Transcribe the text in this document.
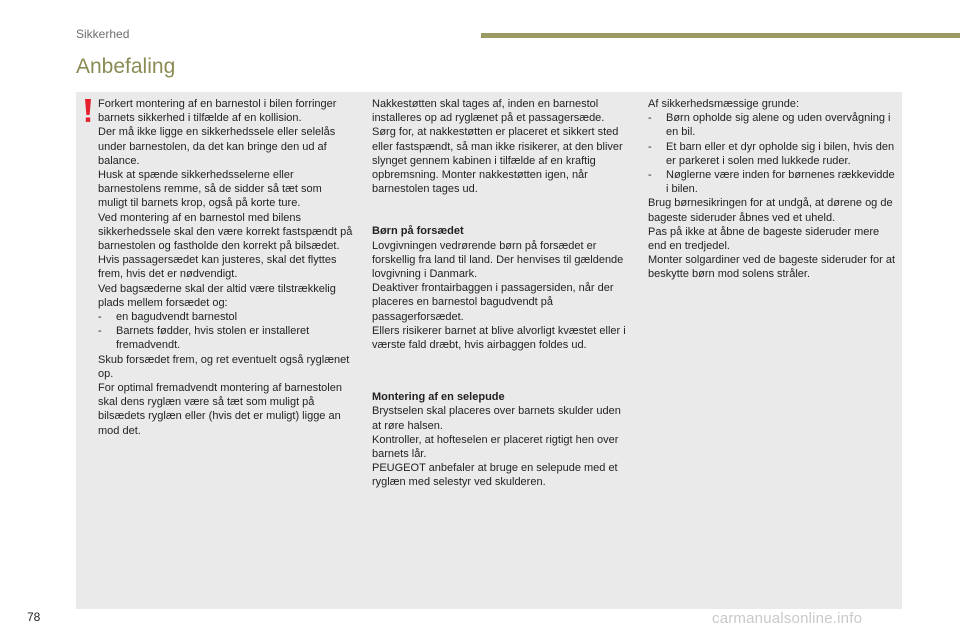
Sikkerhed
Anbefaling

Forkert montering af en barnestol i bilen forringer barnets sikkerhed i tilfælde af en kollision.

Der må ikke ligge en sikkerhedssele eller selelås under barnestolen, da det kan bringe den ud af balance.

Husk at spænde sikkerhedsselerne eller barnestolens remme, så de sidder så tæt som muligt til barnets krop, også på korte ture.

Ved montering af en barnestol med bilens sikkerhedssele skal den være korrekt fastspændt på barnestolen og fastholde den korrekt på bilsædet. Hvis passagersædet kan justeres, skal det flyttes frem, hvis det er nødvendigt.

Ved bagsæderne skal der altid være tilstrækkelig plads mellem forsædet og:

- en bagudvendt barnestol
- Barnets fødder, hvis stolen er installeret fremadvendt.

Skub forsædet frem, og ret eventuelt også ryglænet op.

For optimal fremadvendt montering af barnestolen skal dens ryglæn være så tæt som muligt på bilsædets ryglæn eller (hvis det er muligt) ligge an mod det.

Nakkestøtten skal tages af, inden en barnestol installeres op ad ryglænet på et passagersæde.

Sørg for, at nakkestøtten er placeret et sikkert sted eller fastspændt, så man ikke risikerer, at den bliver slynget gennem kabinen i tilfælde af en kraftig opbremsning. Monter nakkestøtten igen, når barnestolen tages ud.

Børn på forsædet

Lovgivningen vedrørende børn på forsædet er forskellig fra land til land. Der henvises til gældende lovgivning i Danmark.

Deaktiver frontairbaggen i passagersiden, når der placeres en barnestol bagudvendt på passagerforsædet.

Ellers risikerer barnet at blive alvorligt kvæstet eller i værste fald dræbt, hvis airbaggen foldes ud.

Montering af en selepude

Brystselen skal placeres over barnets skulder uden at røre halsen.

Kontroller, at hofteselen er placeret rigtigt hen over barnets lår.

PEUGEOT anbefaler at bruge en selepude med et ryglæn med selestyr ved skulderen.

Af sikkerhedsmæssige grunde:

- Børn opholde sig alene og uden overvågning i en bil.
- Et barn eller et dyr opholde sig i bilen, hvis den er parkeret i solen med lukkede ruder.
- Nøglerne være inden for børnenes rækkevidde i bilen.

Brug børnesikringen for at undgå, at dørene og de bageste sideruder åbnes ved et uheld.

Pas på ikke at åbne de bageste sideruder mere end en tredjedel.

Monter solgardiner ved de bageste sideruder for at beskytte børn mod solens stråler.

78	carmanualsonline.info
